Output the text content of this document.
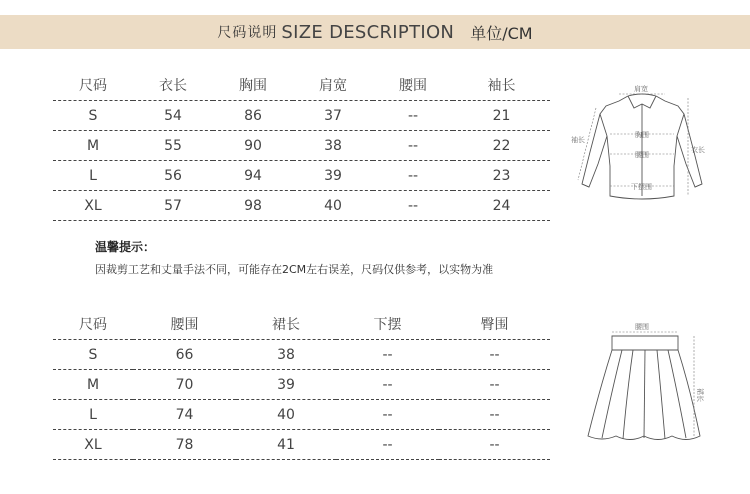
尺码说明 SIZE DESCRIPTION 单位/CM
尺码	衣长	胸围	肩宽	腰围	袖长
S	54	86	37	--	21
M	55	90	38	--	22
L	56	94	39	--	23
XL	57	98	40	--	24
肩宽
胸围
腰围
下摆围
袖长
衣长
温馨提示：
因裁剪工艺和丈量手法不同，可能存在2CM左右误差，尺码仅供参考，以实物为准
尺码	腰围	裙长	下摆	臀围
S	66	38	--	--
M	70	39	--	--
L	74	40	--	--
XL	78	41	--	--
腰围
裙长
